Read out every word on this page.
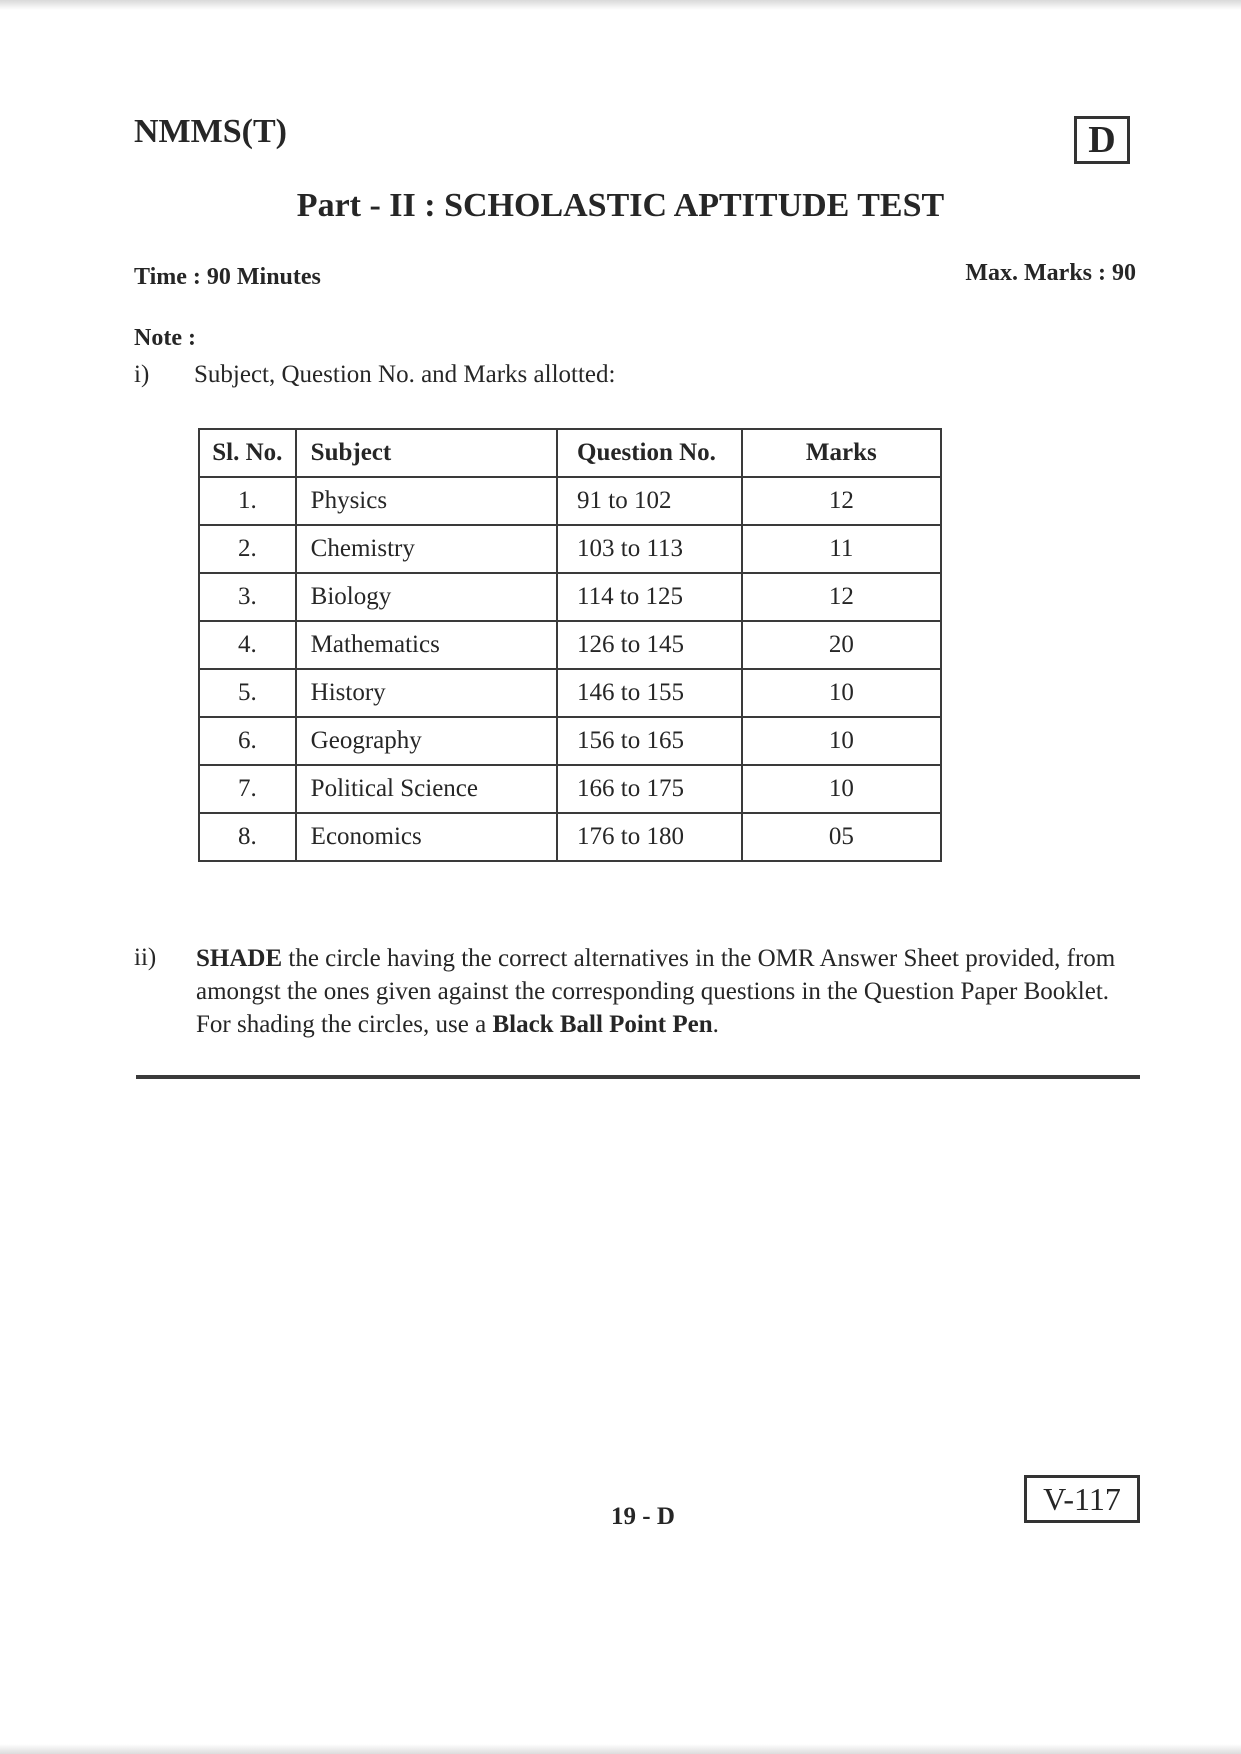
NMMS(T)	D
Part - II : SCHOLASTIC APTITUDE TEST
Time : 90 Minutes	Max. Marks : 90
Note :
i) Subject, Question No. and Marks allotted:
Sl. No.	Subject	Question No.	Marks
1.	Physics	91 to 102	12
2.	Chemistry	103 to 113	11
3.	Biology	114 to 125	12
4.	Mathematics	126 to 145	20
5.	History	146 to 155	10
6.	Geography	156 to 165	10
7.	Political Science	166 to 175	10
8.	Economics	176 to 180	05
ii) SHADE the circle having the correct alternatives in the OMR Answer Sheet provided, from amongst the ones given against the corresponding questions in the Question Paper Booklet. For shading the circles, use a Black Ball Point Pen.
19 - D	V-117
